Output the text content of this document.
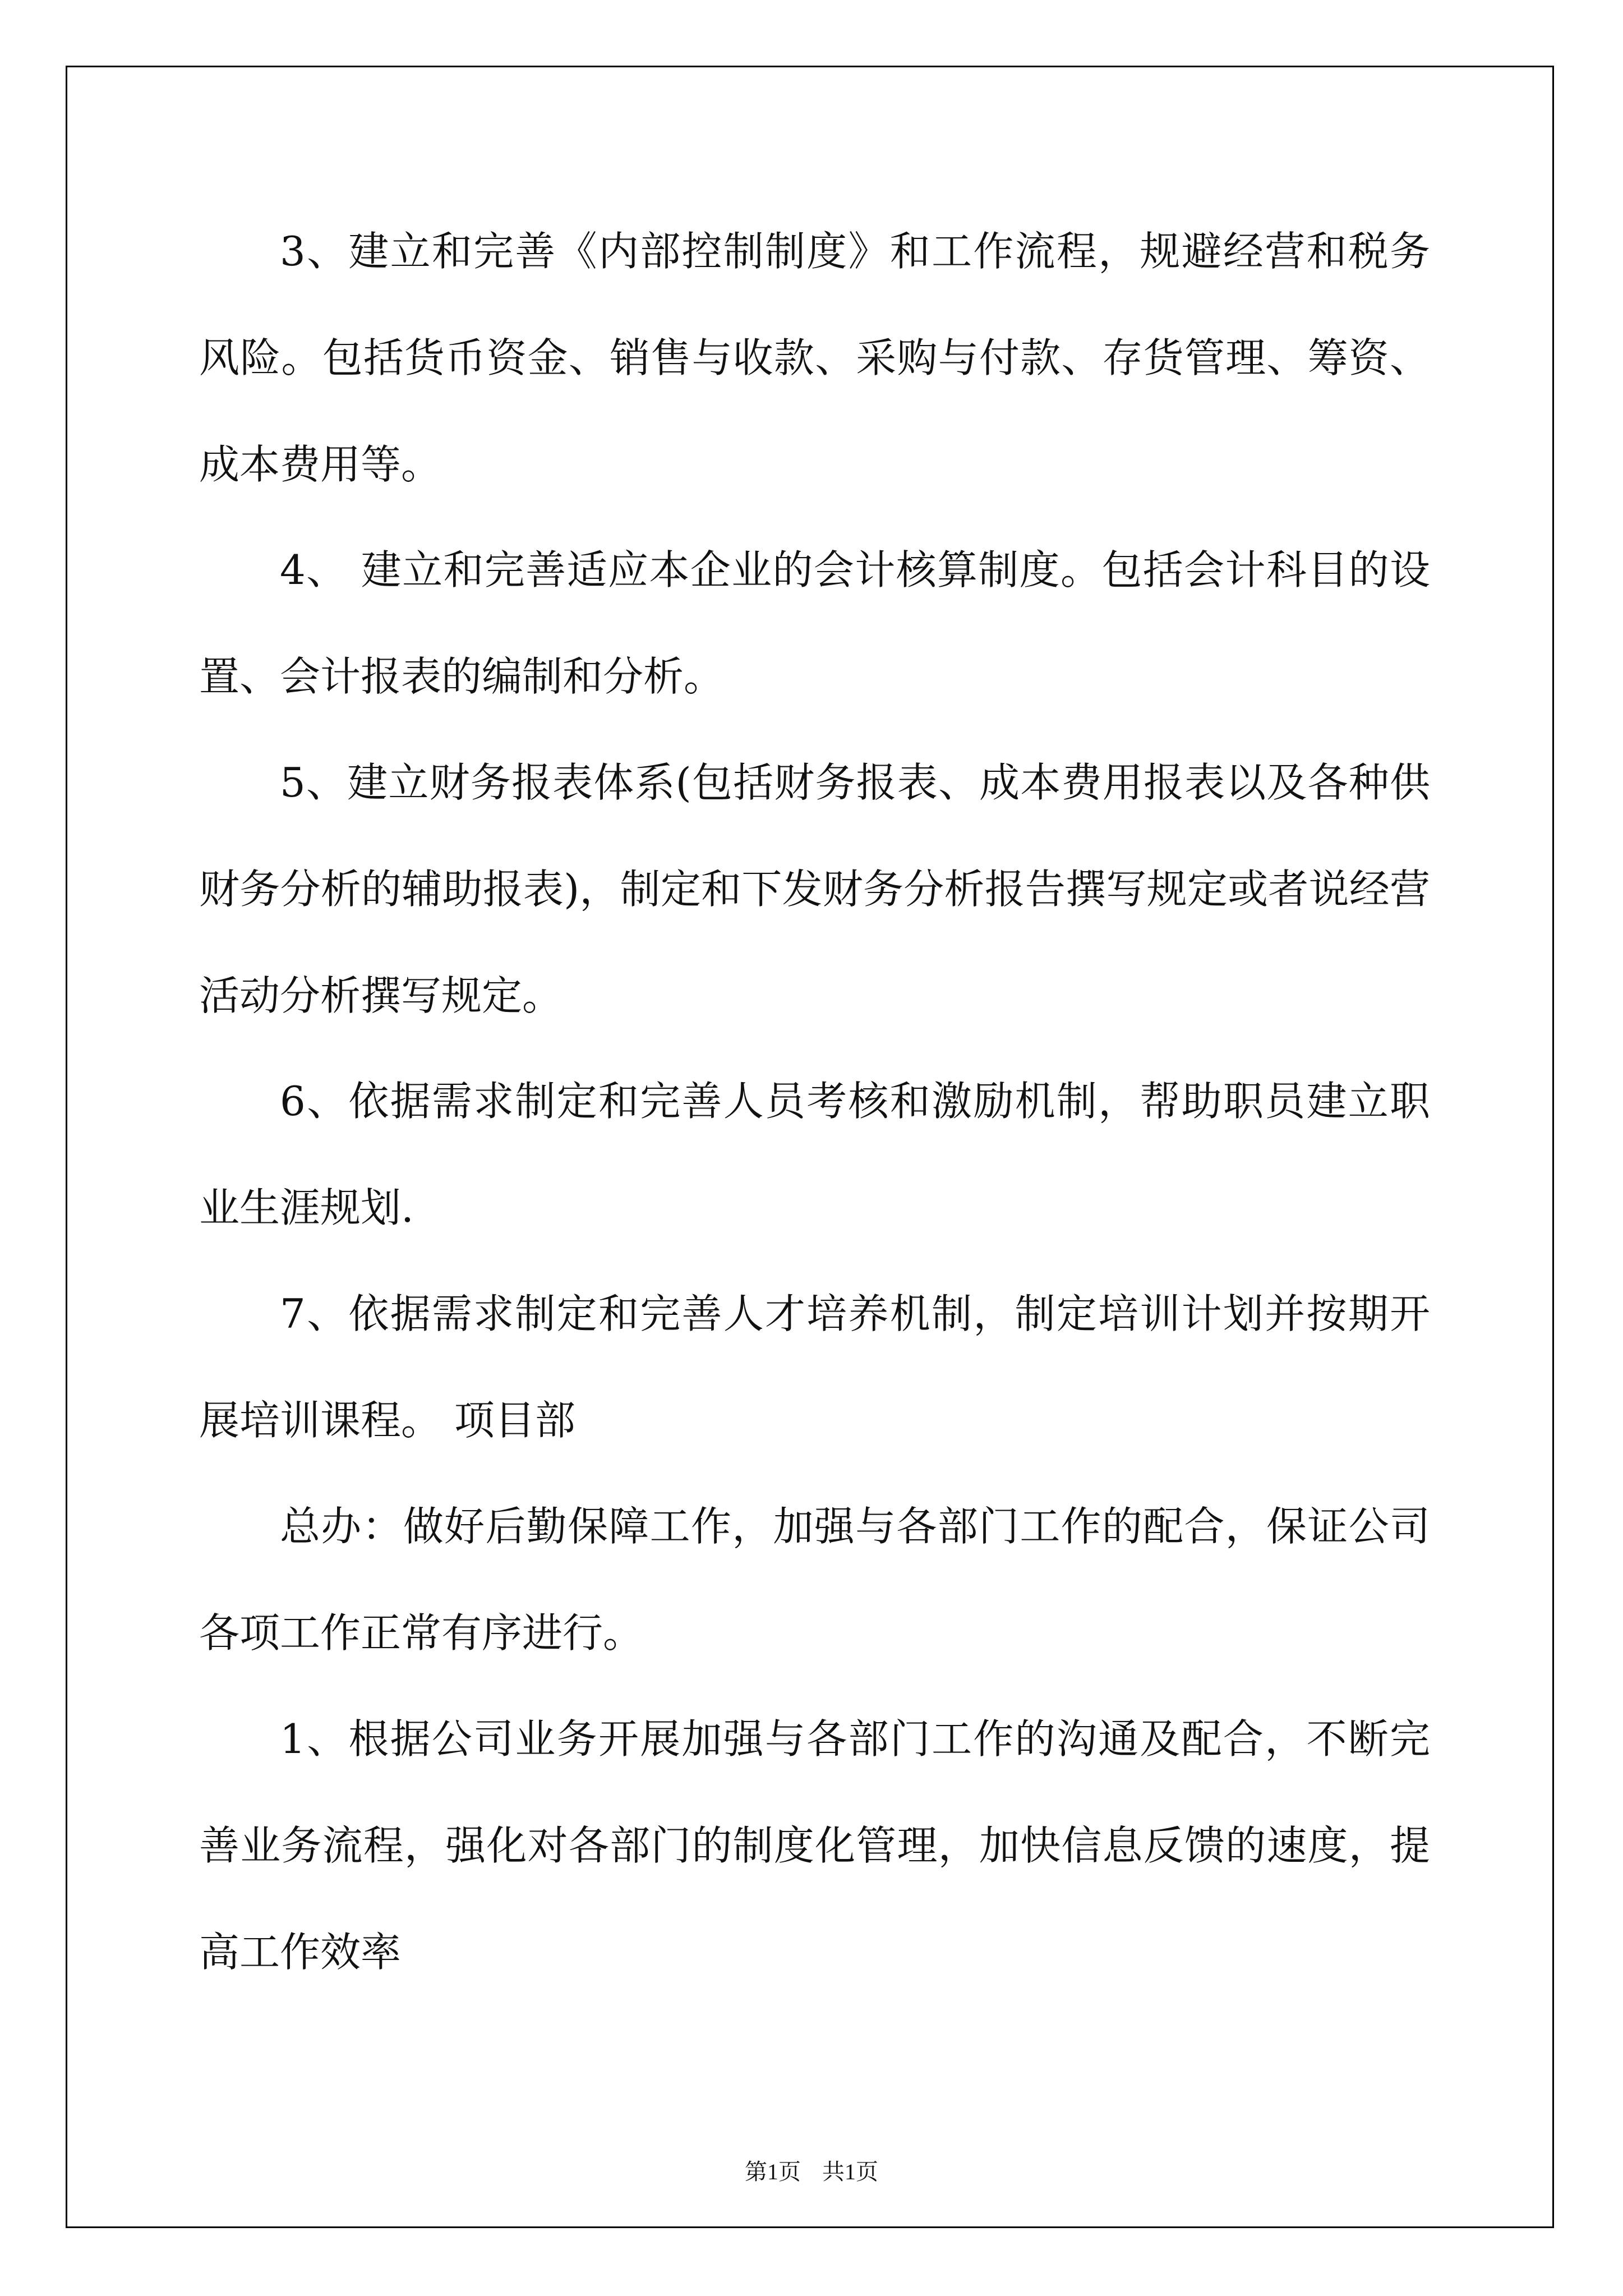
3、建立和完善《内部控制制度》和工作流程，规避经营和税务风险。包括货币资金、销售与收款、采购与付款、存货管理、筹资、成本费用等。

4、 建立和完善适应本企业的会计核算制度。包括会计科目的设置、会计报表的编制和分析。

5、建立财务报表体系(包括财务报表、成本费用报表以及各种供财务分析的辅助报表)，制定和下发财务分析报告撰写规定或者说经营活动分析撰写规定。

6、依据需求制定和完善人员考核和激励机制，帮助职员建立职业生涯规划.

7、依据需求制定和完善人才培养机制，制定培训计划并按期开展培训课程。 项目部

总办：做好后勤保障工作，加强与各部门工作的配合，保证公司各项工作正常有序进行。

1、根据公司业务开展加强与各部门工作的沟通及配合，不断完善业务流程，强化对各部门的制度化管理，加快信息反馈的速度，提高工作效率

第1页 共1页
